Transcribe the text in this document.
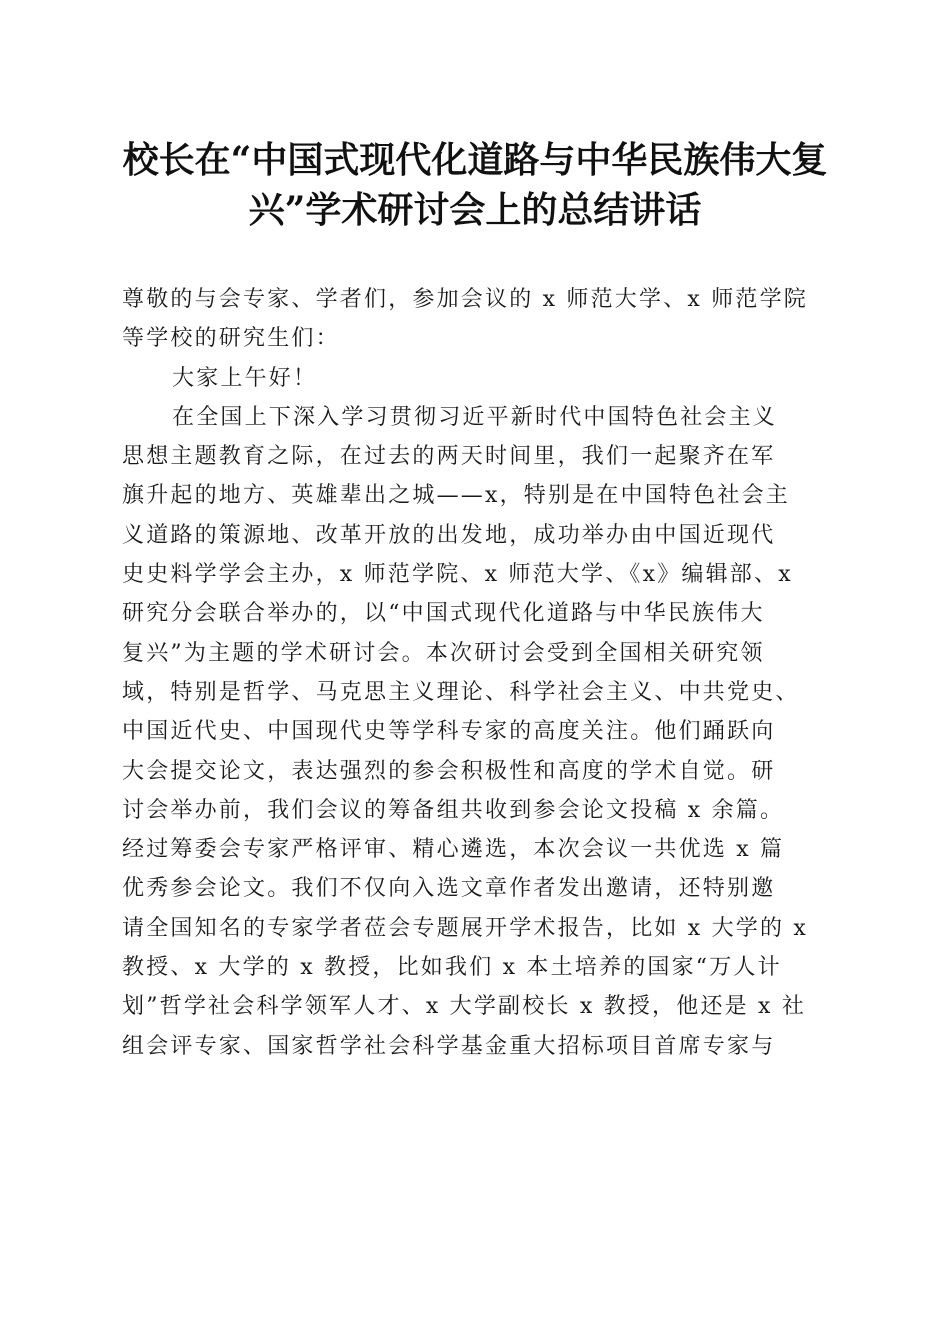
校长在“中国式现代化道路与中华民族伟大复
兴”学术研讨会上的总结讲话
尊敬的与会专家、学者们，参加会议的 x 师范大学、x 师范学院
等学校的研究生们：
大家上午好！
在全国上下深入学习贯彻习近平新时代中国特色社会主义
思想主题教育之际，在过去的两天时间里，我们一起聚齐在军
旗升起的地方、英雄辈出之城——x，特别是在中国特色社会主
义道路的策源地、改革开放的出发地，成功举办由中国近现代
史史料学学会主办，x 师范学院、x 师范大学、《x》编辑部、x
研究分会联合举办的，以“中国式现代化道路与中华民族伟大
复兴”为主题的学术研讨会。本次研讨会受到全国相关研究领
域，特别是哲学、马克思主义理论、科学社会主义、中共党史、
中国近代史、中国现代史等学科专家的高度关注。他们踊跃向
大会提交论文，表达强烈的参会积极性和高度的学术自觉。研
讨会举办前，我们会议的筹备组共收到参会论文投稿 x 余篇。
经过筹委会专家严格评审、精心遴选，本次会议一共优选 x 篇
优秀参会论文。我们不仅向入选文章作者发出邀请，还特别邀
请全国知名的专家学者莅会专题展开学术报告，比如 x 大学的 x
教授、x 大学的 x 教授，比如我们 x 本土培养的国家“万人计
划”哲学社会科学领军人才、x 大学副校长 x 教授，他还是 x 社
组会评专家、国家哲学社会科学基金重大招标项目首席专家与
